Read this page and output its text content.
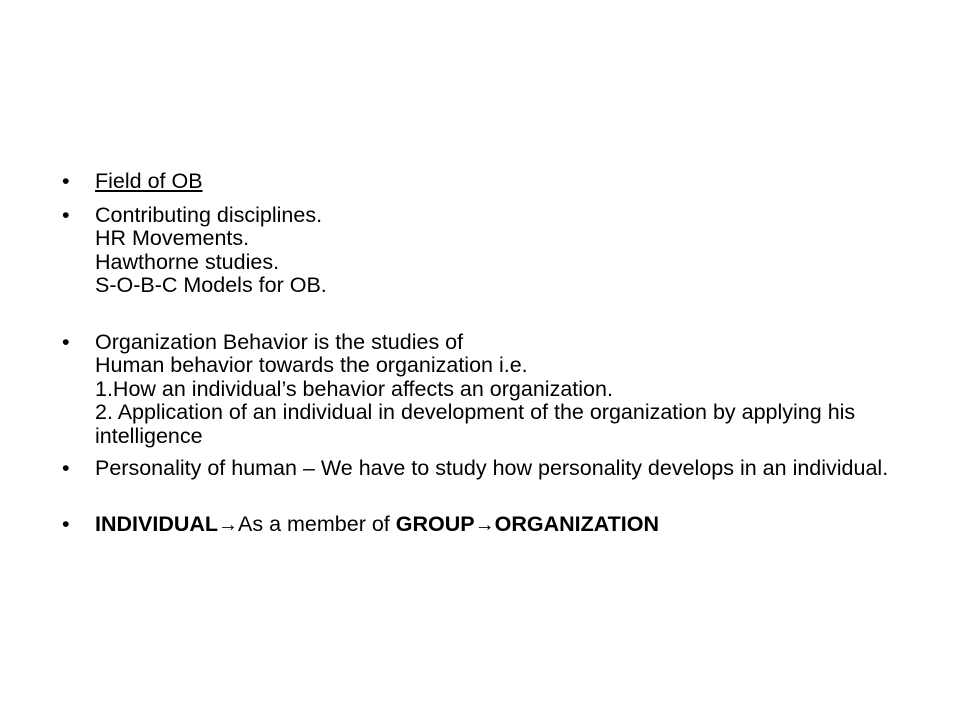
• Field of OB
• Contributing disciplines.
HR Movements.
Hawthorne studies.
S-O-B-C Models for OB.
• Organization Behavior is the studies of
Human behavior towards the organization i.e.
1.How an individual’s behavior affects an organization.
2. Application of an individual in development of the organization by applying his intelligence
• Personality of human – We have to study how personality develops in an individual.
• INDIVIDUAL→As a member of GROUP→ORGANIZATION
